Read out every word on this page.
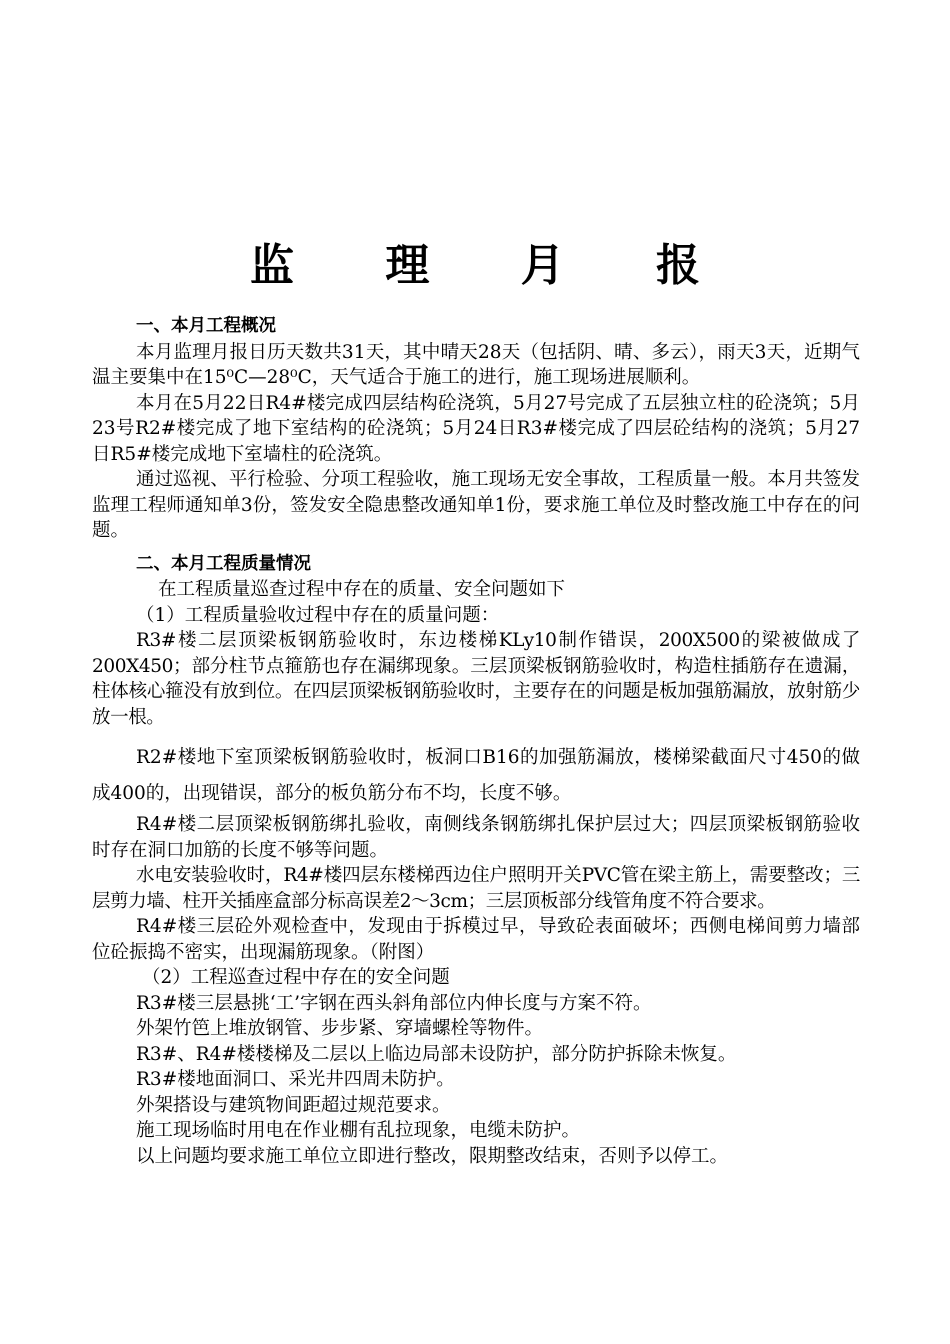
监 理 月 报

一、本月工程概况

本月监理月报日历天数共31天，其中晴天28天（包括阴、晴、多云），雨天3天，近期气温主要集中在15⁰C—28⁰C，天气适合于施工的进行，施工现场进展顺利。

本月在5月22日R4#楼完成四层结构砼浇筑，5月27号完成了五层独立柱的砼浇筑；5月23号R2#楼完成了地下室结构的砼浇筑；5月24日R3#楼完成了四层砼结构的浇筑；5月27日R5#楼完成地下室墙柱的砼浇筑。

通过巡视、平行检验、分项工程验收，施工现场无安全事故，工程质量一般。本月共签发监理工程师通知单3份，签发安全隐患整改通知单1份，要求施工单位及时整改施工中存在的问题。

二、本月工程质量情况

在工程质量巡查过程中存在的质量、安全问题如下

（1）工程质量验收过程中存在的质量问题：

R3#楼二层顶梁板钢筋验收时，东边楼梯KLy10制作错误，200X500的梁被做成了200X450；部分柱节点箍筋也存在漏绑现象。三层顶梁板钢筋验收时，构造柱插筋存在遗漏，柱体核心箍没有放到位。在四层顶梁板钢筋验收时，主要存在的问题是板加强筋漏放，放射筋少放一根。

R2#楼地下室顶梁板钢筋验收时，板洞口B16的加强筋漏放，楼梯梁截面尺寸450的做成400的，出现错误，部分的板负筋分布不均，长度不够。

R4#楼二层顶梁板钢筋绑扎验收，南侧线条钢筋绑扎保护层过大；四层顶梁板钢筋验收时存在洞口加筋的长度不够等问题。

水电安装验收时，R4#楼四层东楼梯西边住户照明开关PVC管在梁主筋上，需要整改；三层剪力墙、柱开关插座盒部分标高误差2～3cm；三层顶板部分线管角度不符合要求。

R4#楼三层砼外观检查中，发现由于拆模过早，导致砼表面破坏；西侧电梯间剪力墙部位砼振捣不密实，出现漏筋现象。（附图）

（2）工程巡查过程中存在的安全问题

R3#楼三层悬挑‘工’字钢在西头斜角部位内伸长度与方案不符。

外架竹笆上堆放钢管、步步紧、穿墙螺栓等物件。

R3#、R4#楼楼梯及二层以上临边局部未设防护，部分防护拆除未恢复。

R3#楼地面洞口、采光井四周未防护。

外架搭设与建筑物间距超过规范要求。

施工现场临时用电在作业棚有乱拉现象，电缆未防护。

以上问题均要求施工单位立即进行整改，限期整改结束，否则予以停工。
